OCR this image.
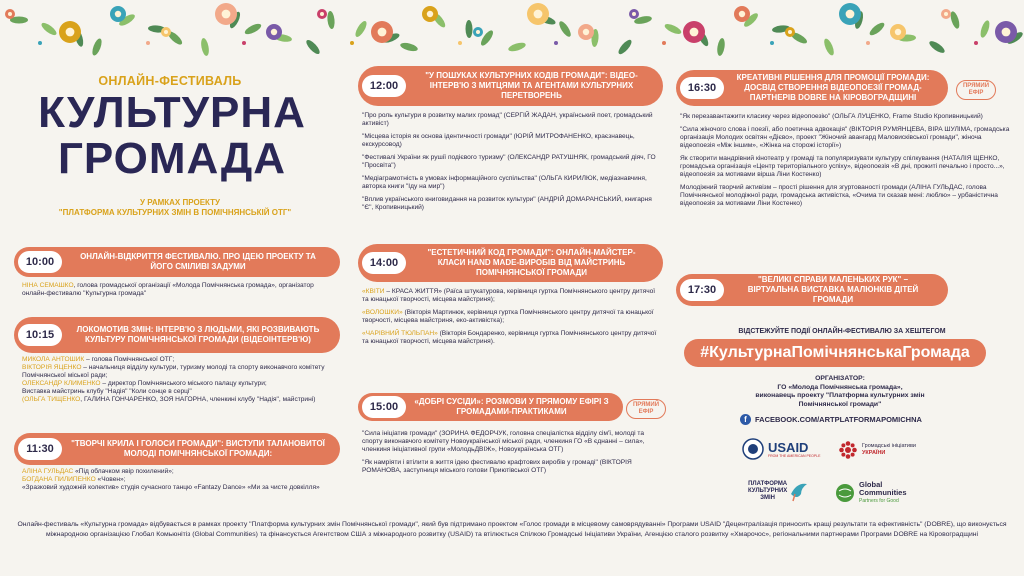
ОНЛАЙН-ФЕСТИВАЛЬ
КУЛЬТУРНА
ГРОМАДА
У РАМКАХ ПРОЕКТУ
"ПЛАТФОРМА КУЛЬТУРНИХ ЗМІН В ПОМІЧНЯНСЬКІЙ ОТГ"
10:00	ОНЛАЙН-ВІДКРИТТЯ ФЕСТИВАЛЮ. ПРО ІДЕЮ ПРОЕКТУ ТА ЙОГО СМІЛИВІ ЗАДУМИ

НІНА СЕМАШКО, голова громадської організації «Молода Помічнянська громада», організатор онлайн-фестивалю "Культурна громада"

10:15	ЛОКОМОТИВ ЗМІН: ІНТЕРВ'Ю З ЛЮДЬМИ, ЯКІ РОЗВИВАЮТЬ КУЛЬТУРУ ПОМІЧНЯНСЬКОЇ ГРОМАДИ (ВІДЕОІНТЕРВ'Ю)
МИКОЛА АНТОШИК – голова Помічнянської ОТГ;
ВІКТОРІЯ ЯЦЕНКО – начальниця відділу культури, туризму молоді та спорту виконавчого комітету Помічнянської міської ради;
ОЛЕКСАНДР КЛИМЕНКО – директор Помічнянського міського палацу культури;
Виставка майстринь клубу "Надія" "Коли сонце в серці"
(ОЛЬГА ТИЩЕНКО, ГАЛИНА ГОНЧАРЕНКО, ЗОЯ НАГОРНА, членкині клубу "Надія", майстрині)
11:30	"ТВОРЧІ КРИЛА І ГОЛОСИ ГРОМАДИ": ВИСТУПИ ТАЛАНОВИТОЇ МОЛОДІ ПОМІЧНЯНСЬКОЇ ГРОМАДИ:
АЛІНА ГУЛЬДАС «Під облачком явір похилений»;
БОГДАНА ПИЛИПЕНКО «Човен»;
«Зразковий художній колектив» студія сучасного танцю «Fantazy Dance» «Ми за чисте довкілля»
12:00
"У ПОШУКАХ КУЛЬТУРНИХ КОДІВ ГРОМАДИ": ВІДЕО-ІНТЕРВ'Ю З МИТЦЯМИ ТА АГЕНТАМИ КУЛЬТУРНИХ ПЕРЕТВОРЕНЬ

"Про роль культури в розвитку малих громад" (СЕРГІЙ ЖАДАН, український поет, громадський активіст)

"Місцева історія як основа ідентичності громади" (ЮРІЙ МИТРОФАНЕНКО, краєзнавець, екскурсовод)

"Фестивалі України як рушії подієвого туризму" (ОЛЕКСАНДР РАТУШНЯК, громадський діяч, ГО "Просвіта")

"Медіаграмотність в умовах інформаційного суспільства" (ОЛЬГА КИРИЛЮК, медіазнавчиня, авторка книги "Іду на мир")

"Вплив українського книговидання на розвиток культури" (АНДРІЙ ДОМАРАНСЬКИЙ, книгарня "Є", Кропивницький)

14:00
"ЕСТЕТИЧНИЙ КОД ГРОМАДИ": ОНЛАЙН-МАЙСТЕР-КЛАСИ HAND MADE-ВИРОБІВ ВІД МАЙСТРИНЬ ПОМІЧНЯНСЬКОЇ ГРОМАДИ

«КВІТИ – КРАСА ЖИТТЯ» (Раїса штукатурова, керівниця гуртка Помічнянського центру дитячої та юнацької творчості, місцева майстриня);

«ВОЛОШКИ» (Вікторія Мартинюк, керівниця гуртка Помічнянського центру дитячої та юнацької творчості, місцева майстриня, еко-активістка);

«ЧАРІВНИЙ ТЮЛЬПАН» (Вікторія Бондаренко, керівниця гуртка Помічнянського центру дитячої та юнацької творчості, місцева майстриня).

15:00	«ДОБРІ СУСІДИ»: РОЗМОВИ У ПРЯМОМУ ЕФІРІ З ГРОМАДАМИ-ПРАКТИКАМИ
ПРЯМИЙ ЕФІР

"Сила ініціатив громади" (ЗОРИНА ФЕДОРЧУК, головна спеціалістка відділу сім'ї, молоді та спорту виконавчого комітету Новоукраїнської міської ради, членкиня ГО «В єднанні – сила», членкиня ініціативної групи «МолодьДВІЖ», Новоукраїнська ОТГ)

"Як намріяти і втілити в життя ідею фестивалю крафтових виробів у громаді" (ВІКТОРІЯ РОМАНОВА, заступниця міського голови Приютівської ОТГ)

16:30
КРЕАТИВНІ РІШЕННЯ ДЛЯ ПРОМОЦІЇ ГРОМАДИ: ДОСВІД СТВОРЕННЯ ВІДЕОПОЕЗІЇ ГРОМАД-ПАРТНЕРІВ DOBRE НА КІРОВОГРАДЩИНІ
ПРЯМИЙ ЕФІР

"Як перезавантажити класику через відеопоезію" (ОЛЬГА ЛУЦЕНКО, Frame Studio Кропивницький)

"Сила жіночого слова і поезії, або поетична адвокація" (ВІКТОРІЯ РУМЯНЦЕВА, ВІРА ШУЛІМА, громадська організація Молодих освітян «Дієво», проект "Жіночий авангард Маловисківської громади", жіноча відеопоезія «Між іншим», «Жінка на сторожі історії»)

Як створити мандрівний кінотеатр у громаді та популяризувати культуру спілкування (НАТАЛІЯ ЩЕНКО, громадська організація «Центр територіального успіху», відеопоезія «В дні, прожиті печально і просто...», відеопоезія за мотивами вірша Ліни Костенко)

Молодіжний творчий активізм – прості рішення для згуртованості громади (АЛІНА ГУЛЬДАС, голова Помічнянської молодіжної ради, громадська активістка, «Очима ти сказав мені: люблю» – урбаністична відеопоезія за мотивами Ліни Костенко)

17:30
"ВЕЛИКІ СПРАВИ МАЛЕНЬКИХ РУК" – ВІРТУАЛЬНА ВИСТАВКА МАЛЮНКІВ ДІТЕЙ ГРОМАДИ
ВІДСТЕЖУЙТЕ ПОДІЇ ОНЛАЙН-ФЕСТИВАЛЮ ЗА ХЕШТЕГОМ
#КультурнаПомічнянськаГромада
ОРГАНІЗАТОР:
ГО «Молода Помічнянська громада»,
виконавець проекту "Платформа культурних змін
Помічнянської громади"
f	FACEBOOK.COM/ARTPLATFORMAPOMICHNA
USAID
FROM THE AMERICAN PEOPLE
Громадські ініціативи
УКРАЇНИ
ПЛАТФОРМА
КУЛЬТУРНИХ
ЗМІН
Global
Communities
Partners for Good
Онлайн-фестиваль «Культурна громада» відбувається в рамках проекту "Платформа культурних змін Помічнянської громади", який був підтримано проектом «Голос громади в місцевому самоврядуванні» Програми USAID "Децентралізація приносить кращі результати та ефективність" (DOBRE), що виконується міжнародною організацією Глобал Комьюнітіз (Global Communities) та фінансується Агентством США з міжнародного розвитку (USAID) та втілюється Спілкою Громадські Ініціативи України, Агенцією сталого розвитку «Хмарочос», регіональними партнерами Програми DOBRE на Кіровоградщині
